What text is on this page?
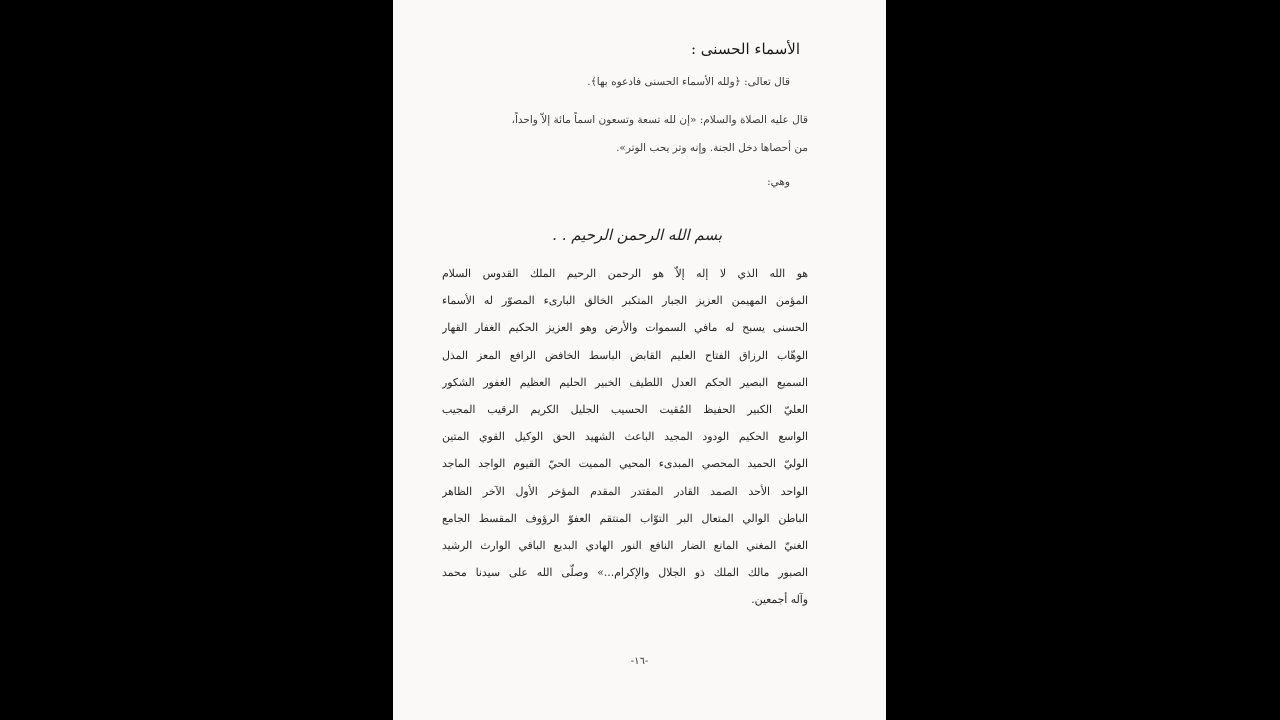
الأسماء الحسنى :
قال تعالى: ﴿ولله الأسماء الحسنى فادعوه بها﴾.
قال عليه الصلاة والسلام: «إن لله تسعة وتسعون اسماً مائة إلاّ واحداً،
من أحصاها دخل الجنة. وإنه وتر يحب الوتر».
وهي:
بسم الله الرحمن الرحيم . .
هو الله الذي لا إله إلاّ هو الرحمن الرحيم الملك القدوس السلام
المؤمن المهيمن العزيز الجبار المتكبر الخالق البارىء المصوّر له الأسماء
الحسنى يسبح له مافي السموات والأرض وهو العزيز الحكيم الغفار القهار
الوهّاب الرزاق الفتاح العليم القابض الباسط الخافض الرافع المعز المذل
السميع البصير الحكم العدل اللطيف الخبير الحليم العظيم الغفور الشكور
العليّ الكبير الحفيظ المُقيت الحسيب الجليل الكريم الرقيب المجيب
الواسع الحكيم الودود المجيد الباعث الشهيد الحق الوكيل القوي المتين
الوليّ الحميد المحصي المبدىء المحيي المميت الحيّ القيوم الواجد الماجد
الواحد الأحد الصمد القادر المقتدر المقدم المؤخر الأول الآخر الظاهر
الباطن الوالي المتعال البر التوّاب المنتقم العفوّ الرؤوف المقسط الجامع
الغنيّ المغني المانع الضار النافع النور الهادي البديع الباقي الوارث الرشيد
الصبور مالك الملك ذو الجلال والإكرام...» وصلّى الله على سيدنا محمد
وآله أجمعين.
-١٦-
